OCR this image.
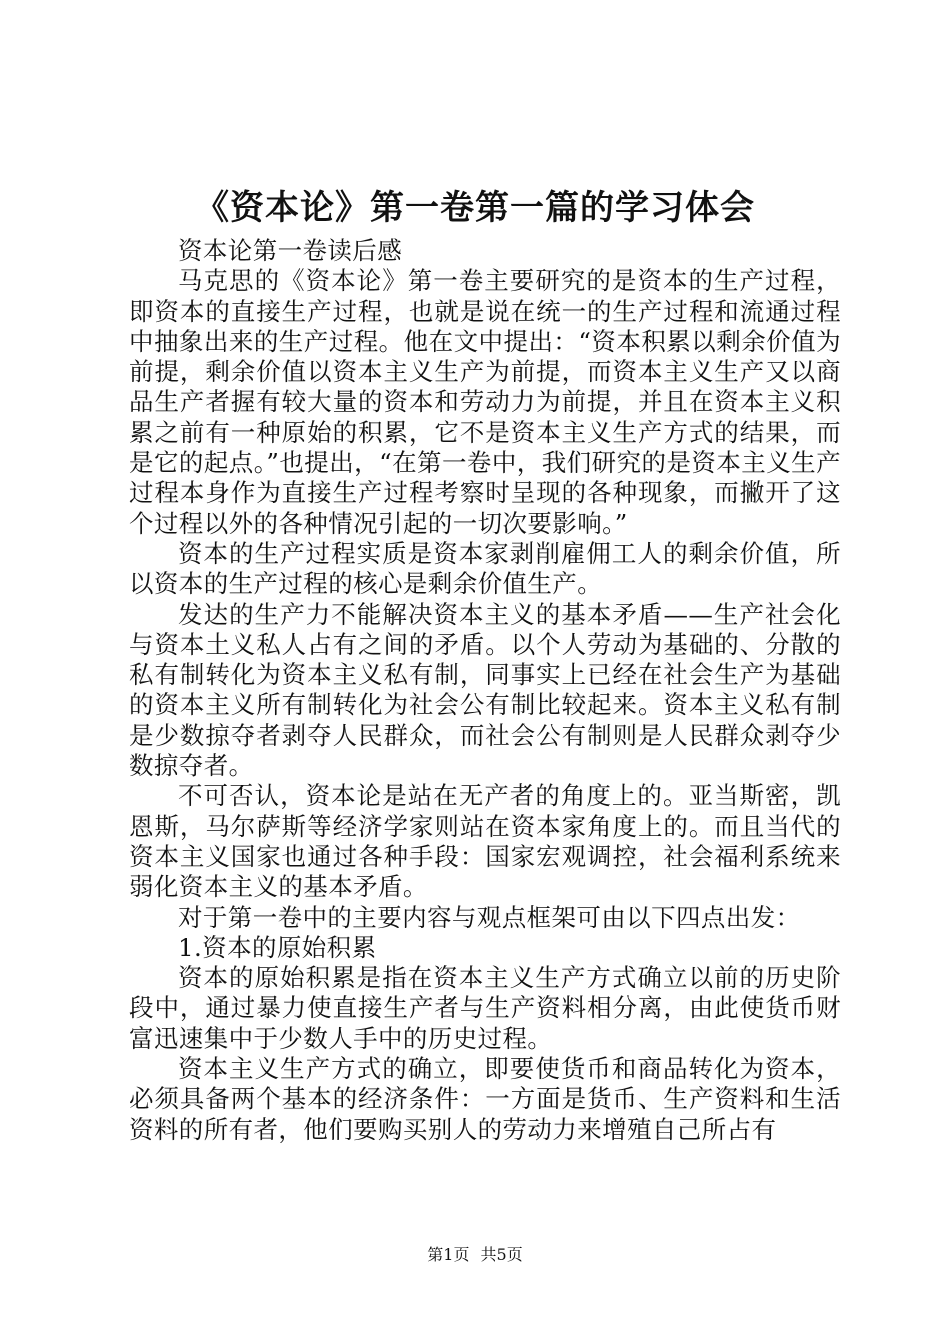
《资本论》第一卷第一篇的学习体会

资本论第一卷读后感

马克思的《资本论》第一卷主要研究的是资本的生产过程，即资本的直接生产过程，也就是说在统一的生产过程和流通过程中抽象出来的生产过程。他在文中提出：“资本积累以剩余价值为前提，剩余价值以资本主义生产为前提，而资本主义生产又以商品生产者握有较大量的资本和劳动力为前提，并且在资本主义积累之前有一种原始的积累，它不是资本主义生产方式的结果，而是它的起点。”也提出，“在第一卷中，我们研究的是资本主义生产过程本身作为直接生产过程考察时呈现的各种现象，而撇开了这个过程以外的各种情况引起的一切次要影响。”

资本的生产过程实质是资本家剥削雇佣工人的剩余价值，所以资本的生产过程的核心是剩余价值生产。

发达的生产力不能解决资本主义的基本矛盾——生产社会化与资本土义私人占有之间的矛盾。以个人劳动为基础的、分散的私有制转化为资本主义私有制，同事实上已经在社会生产为基础的资本主义所有制转化为社会公有制比较起来。资本主义私有制是少数掠夺者剥夺人民群众，而社会公有制则是人民群众剥夺少数掠夺者。

不可否认，资本论是站在无产者的角度上的。亚当斯密，凯恩斯，马尔萨斯等经济学家则站在资本家角度上的。而且当代的资本主义国家也通过各种手段：国家宏观调控，社会福利系统来弱化资本主义的基本矛盾。

对于第一卷中的主要内容与观点框架可由以下四点出发：

1.资本的原始积累

资本的原始积累是指在资本主义生产方式确立以前的历史阶段中，通过暴力使直接生产者与生产资料相分离，由此使货币财富迅速集中于少数人手中的历史过程。

资本主义生产方式的确立，即要使货币和商品转化为资本，必须具备两个基本的经济条件：一方面是货币、生产资料和生活资料的所有者，他们要购买别人的劳动力来增殖自己所占有

第1页 共5页
